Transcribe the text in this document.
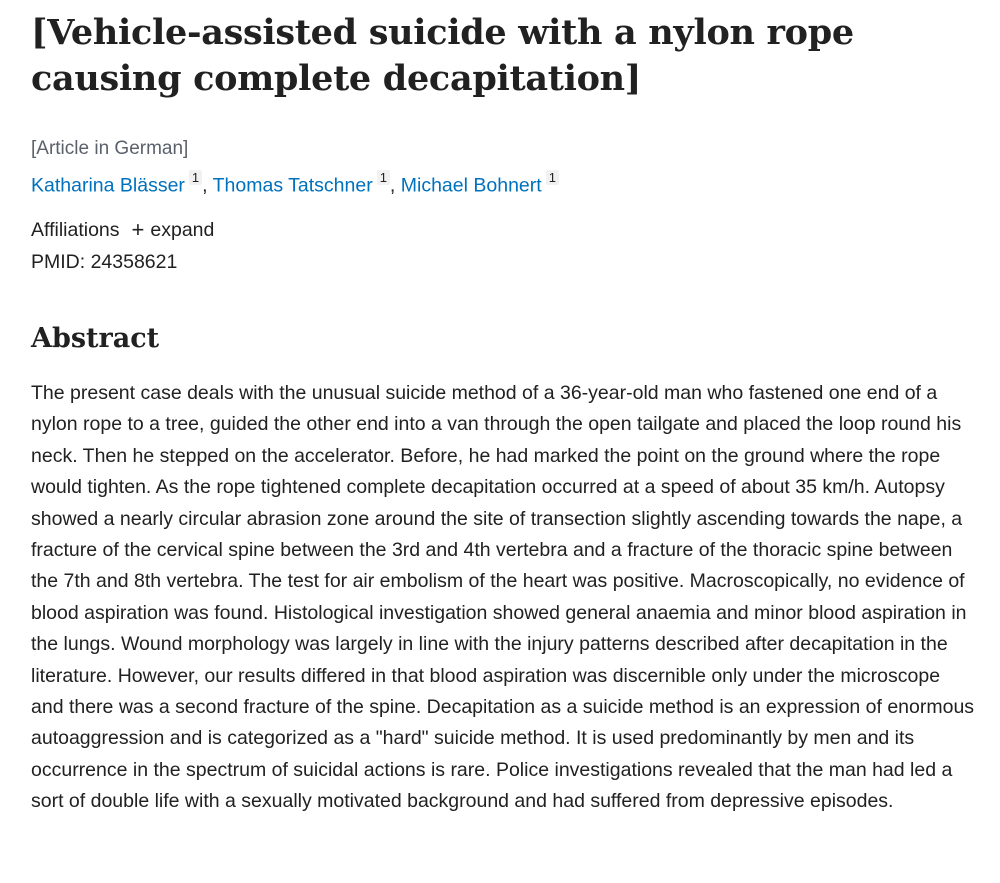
[Vehicle-assisted suicide with a nylon rope causing complete decapitation]
[Article in German]
Katharina Blässer $^1$ , Thomas Tatschner $^1$ , Michael Bohnert $^1$
Affiliations + expand
PMID: 24358621
Abstract

The present case deals with the unusual suicide method of a 36-year-old man who fastened one end of a nylon rope to a tree, guided the other end into a van through the open tailgate and placed the loop round his neck. Then he stepped on the accelerator. Before, he had marked the point on the ground where the rope would tighten. As the rope tightened complete decapitation occurred at a speed of about 35 km/h. Autopsy showed a nearly circular abrasion zone around the site of transection slightly ascending towards the nape, a fracture of the cervical spine between the 3rd and 4th vertebra and a fracture of the thoracic spine between the 7th and 8th vertebra. The test for air embolism of the heart was positive. Macroscopically, no evidence of blood aspiration was found. Histological investigation showed general anaemia and minor blood aspiration in the lungs. Wound morphology was largely in line with the injury patterns described after decapitation in the literature. However, our results differed in that blood aspiration was discernible only under the microscope and there was a second fracture of the spine. Decapitation as a suicide method is an expression of enormous autoaggression and is categorized as a "hard" suicide method. It is used predominantly by men and its occurrence in the spectrum of suicidal actions is rare. Police investigations revealed that the man had led a sort of double life with a sexually motivated background and had suffered from depressive episodes.
